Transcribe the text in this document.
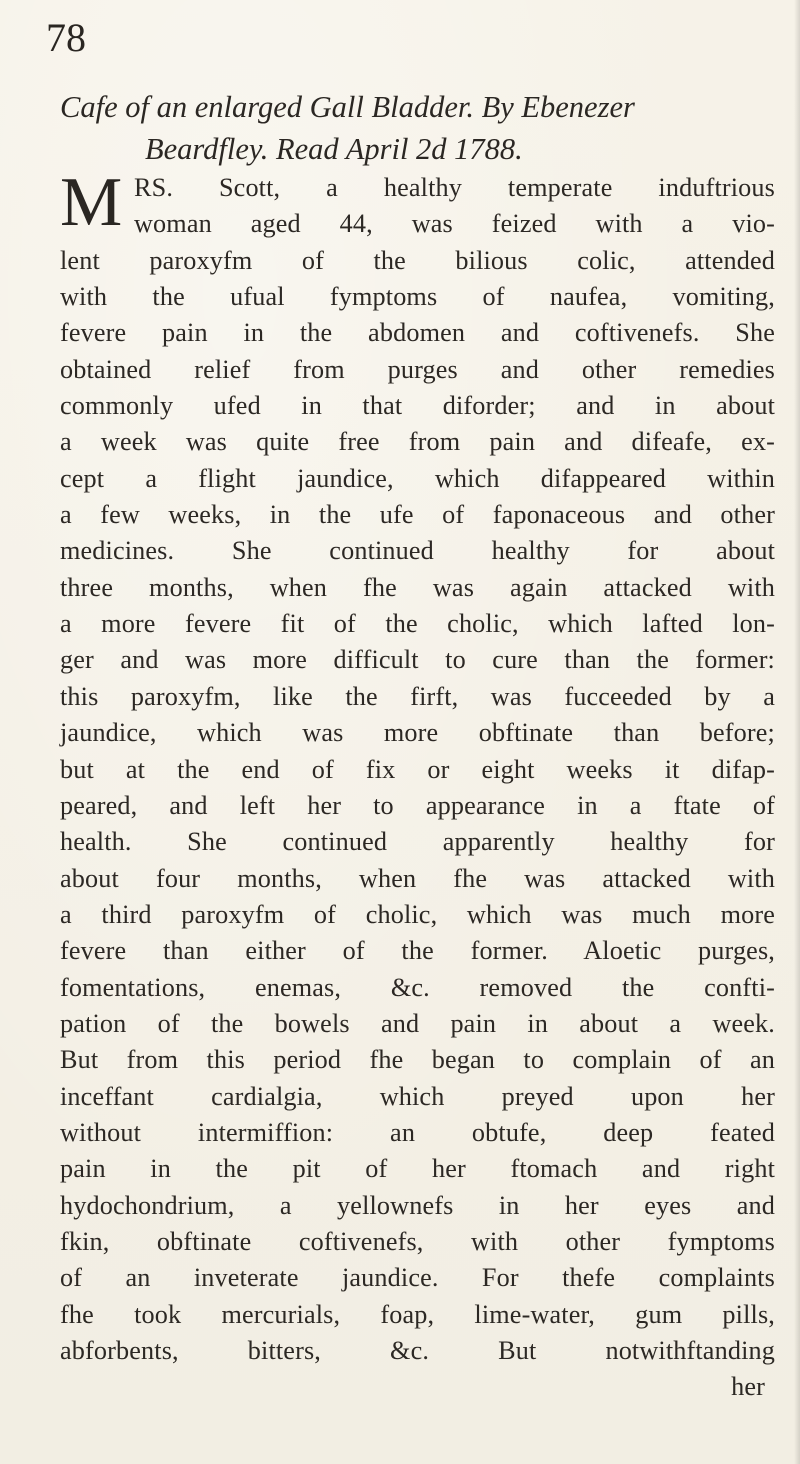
78
Cafe of an enlarged Gall Bladder. By Ebenezer
Beardfley. Read April 2d 1788.
M RS. Scott, a healthy temperate induftrious
woman aged 44, was feized with a vio-
lent paroxyfm of the bilious colic, attended
with the ufual fymptoms of naufea, vomiting,
fevere pain in the abdomen and coftivenefs. She
obtained relief from purges and other remedies
commonly ufed in that diforder; and in about
a week was quite free from pain and difeafe, ex-
cept a flight jaundice, which difappeared within
a few weeks, in the ufe of faponaceous and other
medicines. She continued healthy for about
three months, when fhe was again attacked with
a more fevere fit of the cholic, which lafted lon-
ger and was more difficult to cure than the former:
this paroxyfm, like the firft, was fucceeded by a
jaundice, which was more obftinate than before;
but at the end of fix or eight weeks it difap-
peared, and left her to appearance in a ftate of
health. She continued apparently healthy for
about four months, when fhe was attacked with
a third paroxyfm of cholic, which was much more
fevere than either of the former. Aloetic purges,
fomentations, enemas, &c. removed the confti-
pation of the bowels and pain in about a week.
But from this period fhe began to complain of an
inceffant cardialgia, which preyed upon her
without intermiffion: an obtufe, deep feated
pain in the pit of her ftomach and right
hydochondrium, a yellownefs in her eyes and
fkin, obftinate coftivenefs, with other fymptoms
of an inveterate jaundice. For thefe complaints
fhe took mercurials, foap, lime-water, gum pills,
abforbents, bitters, &c. But notwithftanding
her
